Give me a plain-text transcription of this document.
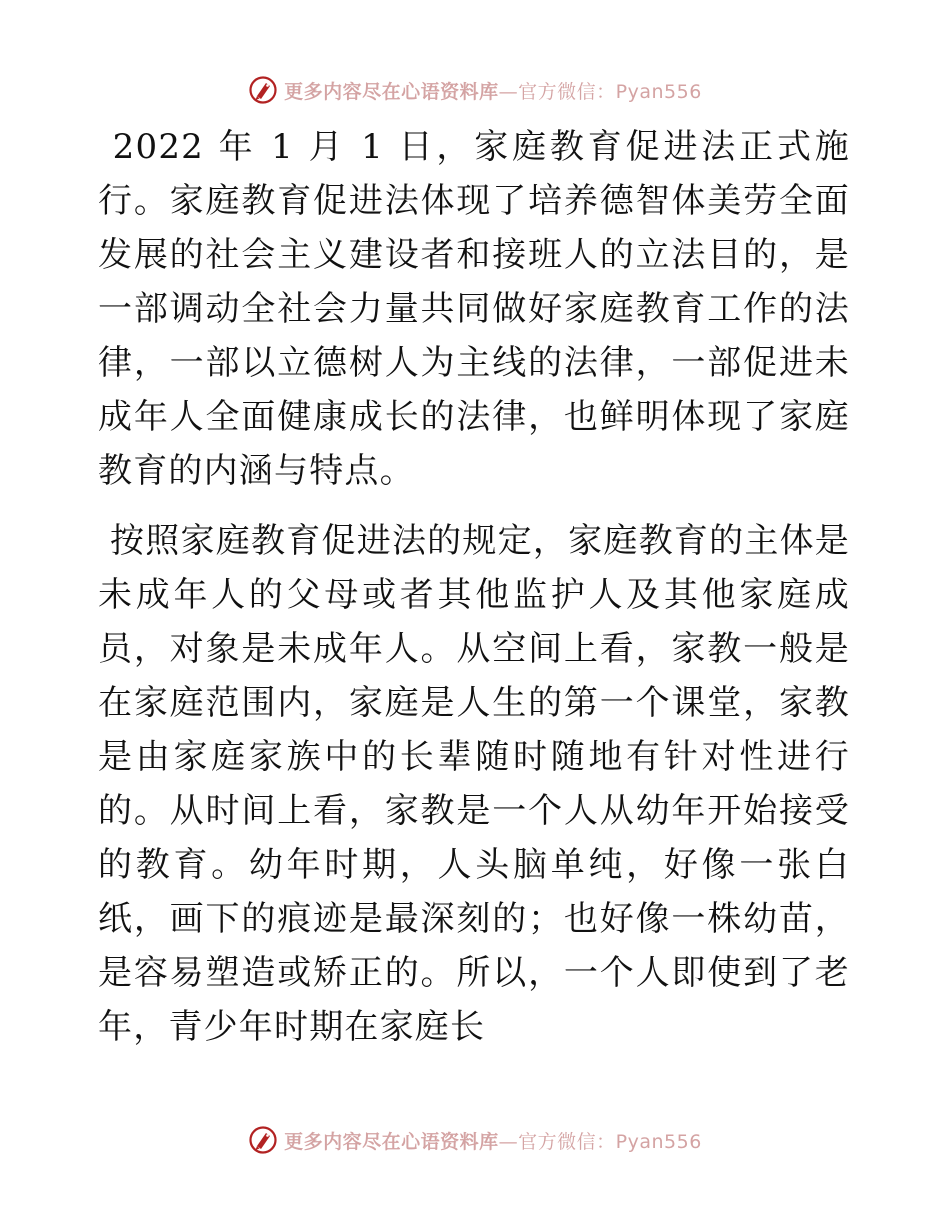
更多内容尽在心语资料库—官方微信：Pyan556

2022 年 1 月 1 日，家庭教育促进法正式施行。家庭教育促进法体现了培养德智体美劳全面发展的社会主义建设者和接班人的立法目的，是一部调动全社会力量共同做好家庭教育工作的法律，一部以立德树人为主线的法律，一部促进未成年人全面健康成长的法律，也鲜明体现了家庭教育的内涵与特点。

按照家庭教育促进法的规定，家庭教育的主体是未成年人的父母或者其他监护人及其他家庭成员，对象是未成年人。从空间上看，家教一般是在家庭范围内，家庭是人生的第一个课堂，家教是由家庭家族中的长辈随时随地有针对性进行的。从时间上看，家教是一个人从幼年开始接受的教育。幼年时期，人头脑单纯，好像一张白纸，画下的痕迹是最深刻的；也好像一株幼苗，是容易塑造或矫正的。所以，一个人即使到了老年，青少年时期在家庭长

更多内容尽在心语资料库—官方微信：Pyan556
